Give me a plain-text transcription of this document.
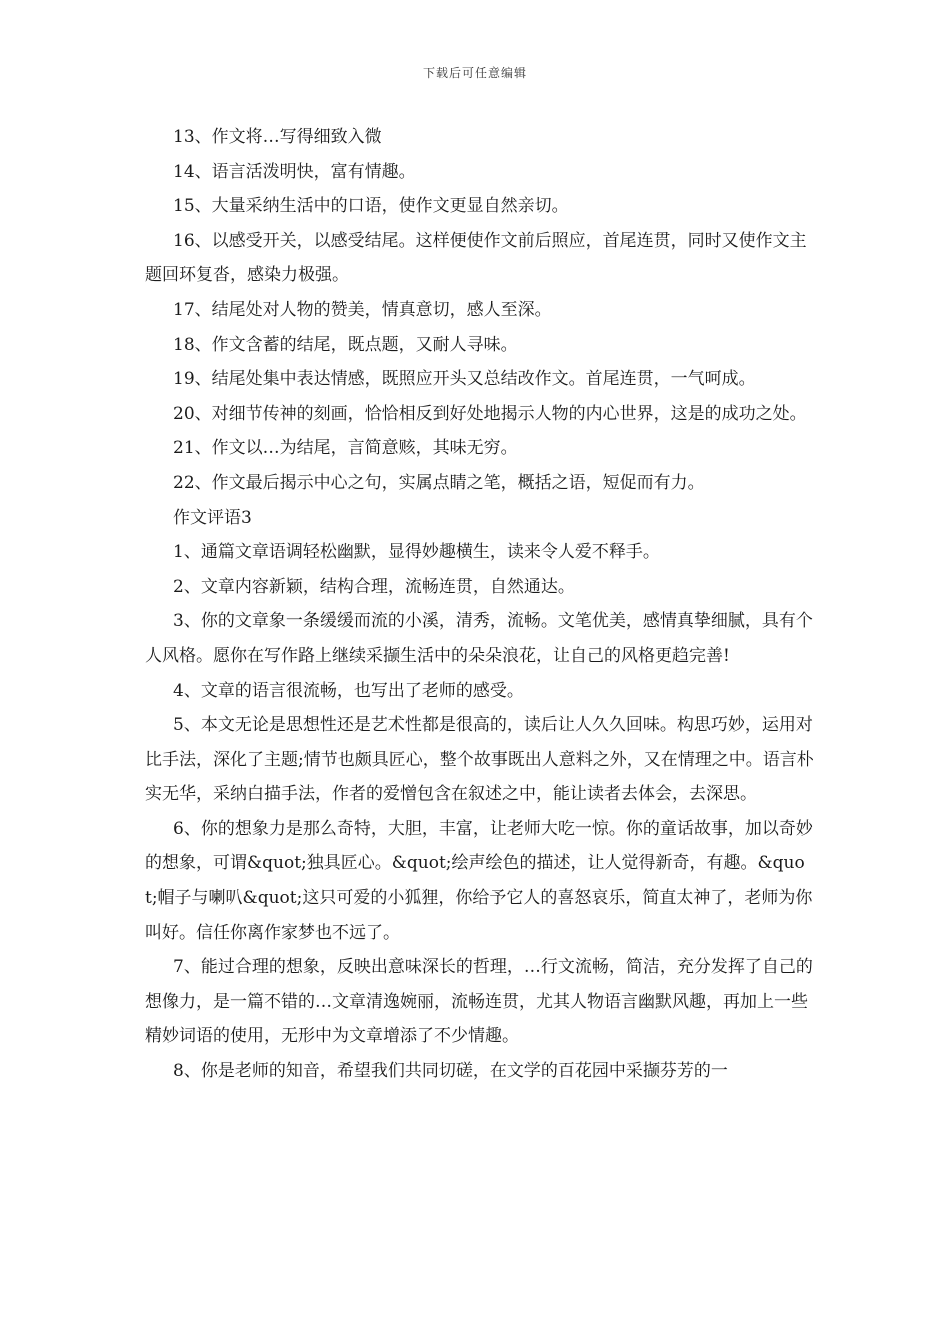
下载后可任意编辑

13、作文将…写得细致入微

14、语言活泼明快，富有情趣。

15、大量采纳生活中的口语，使作文更显自然亲切。

16、以感受开关，以感受结尾。这样便使作文前后照应，首尾连贯，同时又使作文主题回环复沓，感染力极强。

17、结尾处对人物的赞美，情真意切，感人至深。

18、作文含蓄的结尾，既点题，又耐人寻味。

19、结尾处集中表达情感，既照应开头又总结改作文。首尾连贯，一气呵成。

20、对细节传神的刻画，恰恰相反到好处地揭示人物的内心世界，这是的成功之处。

21、作文以…为结尾，言简意赅，其味无穷。

22、作文最后揭示中心之句，实属点睛之笔，概括之语，短促而有力。

作文评语3

1、通篇文章语调轻松幽默，显得妙趣横生，读来令人爱不释手。

2、文章内容新颖，结构合理，流畅连贯，自然通达。

3、你的文章象一条缓缓而流的小溪，清秀，流畅。文笔优美，感情真挚细腻，具有个人风格。愿你在写作路上继续采撷生活中的朵朵浪花，让自己的风格更趋完善!

4、文章的语言很流畅，也写出了老师的感受。

5、本文无论是思想性还是艺术性都是很高的，读后让人久久回味。构思巧妙，运用对比手法，深化了主题;情节也颇具匠心，整个故事既出人意料之外，又在情理之中。语言朴实无华，采纳白描手法，作者的爱憎包含在叙述之中，能让读者去体会，去深思。

6、你的想象力是那么奇特，大胆，丰富，让老师大吃一惊。你的童话故事，加以奇妙的想象，可谓&quot;独具匠心。&quot;绘声绘色的描述，让人觉得新奇，有趣。&quot;帽子与喇叭&quot;这只可爱的小狐狸，你给予它人的喜怒哀乐，简直太神了，老师为你叫好。信任你离作家梦也不远了。

7、能过合理的想象，反映出意味深长的哲理，…行文流畅，简洁，充分发挥了自己的想像力，是一篇不错的…文章清逸婉丽，流畅连贯，尤其人物语言幽默风趣，再加上一些精妙词语的使用，无形中为文章增添了不少情趣。

8、你是老师的知音，希望我们共同切磋，在文学的百花园中采撷芬芳的一
